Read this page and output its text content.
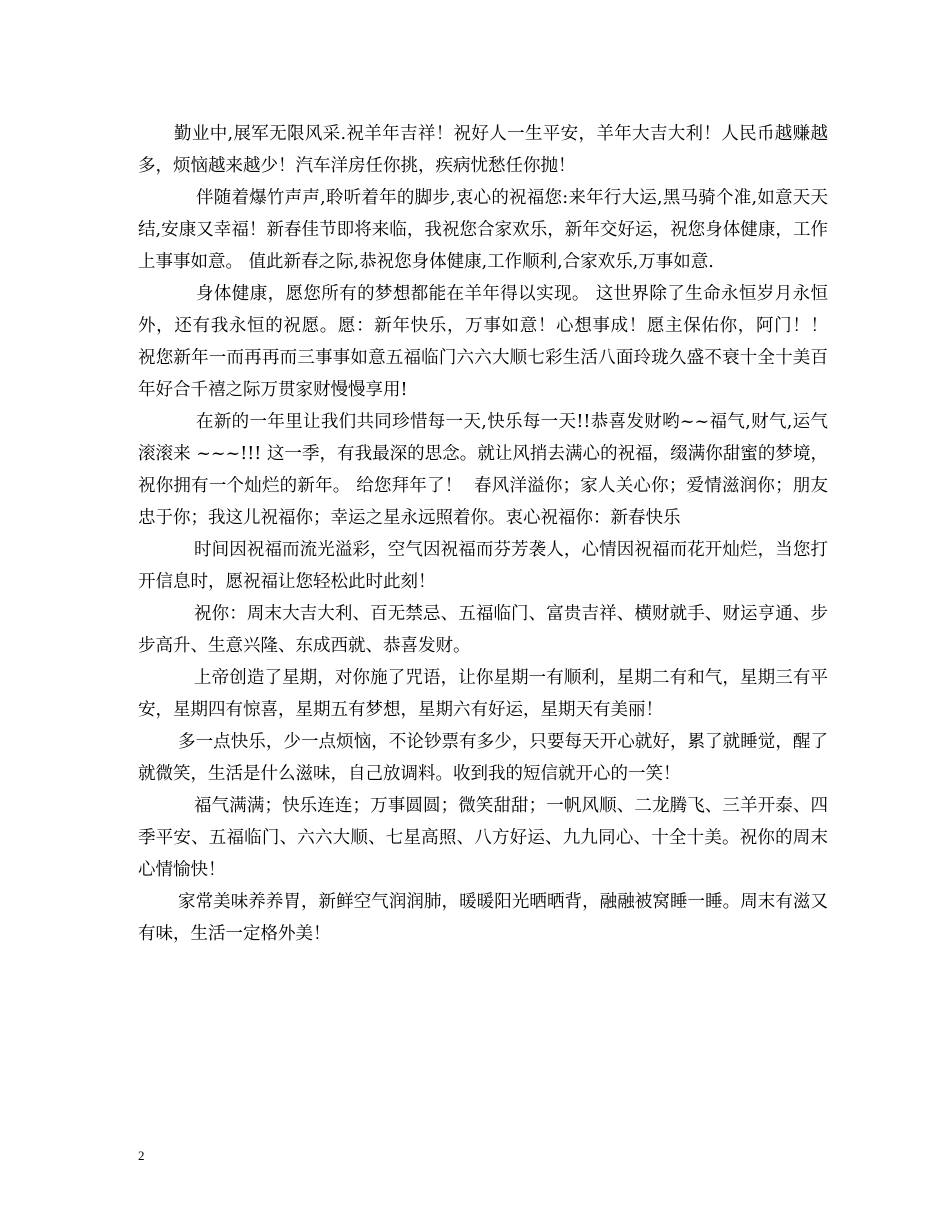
勤业中,展军无限风采.祝羊年吉祥！祝好人一生平安，羊年大吉大利！人民币越赚越多，烦恼越来越少！汽车洋房任你挑，疾病忧愁任你抛！

伴随着爆竹声声,聆听着年的脚步,衷心的祝福您:来年行大运,黑马骑个准,如意天天结,安康又幸福！新春佳节即将来临，我祝您合家欢乐，新年交好运，祝您身体健康，工作上事事如意。 值此新春之际,恭祝您身体健康,工作顺利,合家欢乐,万事如意.

身体健康，愿您所有的梦想都能在羊年得以实现。 这世界除了生命永恒岁月永恒外，还有我永恒的祝愿。愿：新年快乐，万事如意！心想事成！愿主保佑你，阿门！！  祝您新年一而再再而三事事如意五福临门六六大顺七彩生活八面玲珑久盛不衰十全十美百年好合千禧之际万贯家财慢慢享用!

在新的一年里让我们共同珍惜每一天,快乐每一天!!恭喜发财哟~~福气,财气,运气滚滚来 ~~~!!! 这一季，有我最深的思念。就让风捎去满心的祝福，缀满你甜蜜的梦境，祝你拥有一个灿烂的新年。 给您拜年了！  春风洋溢你；家人关心你；爱情滋润你；朋友忠于你；我这儿祝福你；幸运之星永远照着你。衷心祝福你：新春快乐

时间因祝福而流光溢彩，空气因祝福而芬芳袭人，心情因祝福而花开灿烂，当您打开信息时，愿祝福让您轻松此时此刻！

祝你：周末大吉大利、百无禁忌、五福临门、富贵吉祥、横财就手、财运亨通、步步高升、生意兴隆、东成西就、恭喜发财。

上帝创造了星期，对你施了咒语，让你星期一有顺利，星期二有和气，星期三有平安，星期四有惊喜，星期五有梦想，星期六有好运，星期天有美丽！

多一点快乐，少一点烦恼，不论钞票有多少，只要每天开心就好，累了就睡觉，醒了就微笑，生活是什么滋味，自己放调料。收到我的短信就开心的一笑！

福气满满；快乐连连；万事圆圆；微笑甜甜；一帆风顺、二龙腾飞、三羊开泰、四季平安、五福临门、六六大顺、七星高照、八方好运、九九同心、十全十美。祝你的周末心情愉快！

家常美味养养胃，新鲜空气润润肺，暖暖阳光晒晒背，融融被窝睡一睡。周末有滋又有味，生活一定格外美！

2
